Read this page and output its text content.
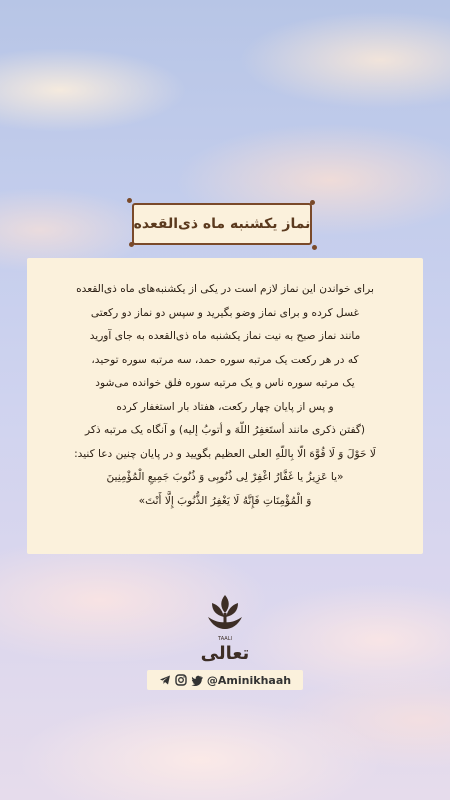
نماز یکشنبه ماه ذی‌القعده
برای خواندن این نماز لازم است در یکی از یکشنبه‌های ماه ذی‌القعده
غسل کرده و برای نماز وضو بگیرید و سپس دو نماز دو رکعتی
مانند نماز صبح به نیت نماز یکشنبه ماه ذی‌القعده به جای آورید
که در هر رکعت یک مرتبه سوره حمد، سه مرتبه سوره توحید،
یک مرتبه سوره ناس و یک مرتبه سوره فلق خوانده می‌شود
و پس از پایان چهار رکعت، هفتاد بار استغفار کرده
(گفتن ذکری مانند أستَغفِرُ اللّهَ و أتوبُ إلیه) و آنگاه یک مرتبه ذکر
لَا حَوْلَ وَ لَا قُوَّهَ الّا بِاللّهِ العلی العظیم بگویید و در پایان چنین دعا کنید:
«یا عَزِیزُ یا غَفَّارُ اغْفِرْ لِی ذُنُوبِی وَ ذُنُوبَ جَمِیعِ الْمُؤْمِنِینَ
وَ الْمُؤْمِنَاتِ فَإِنَّهُ لَا یَغْفِرُ الذُّنُوبَ إِلَّا أَنْتَ»
TAALI
تعالی
@Aminikhaah
